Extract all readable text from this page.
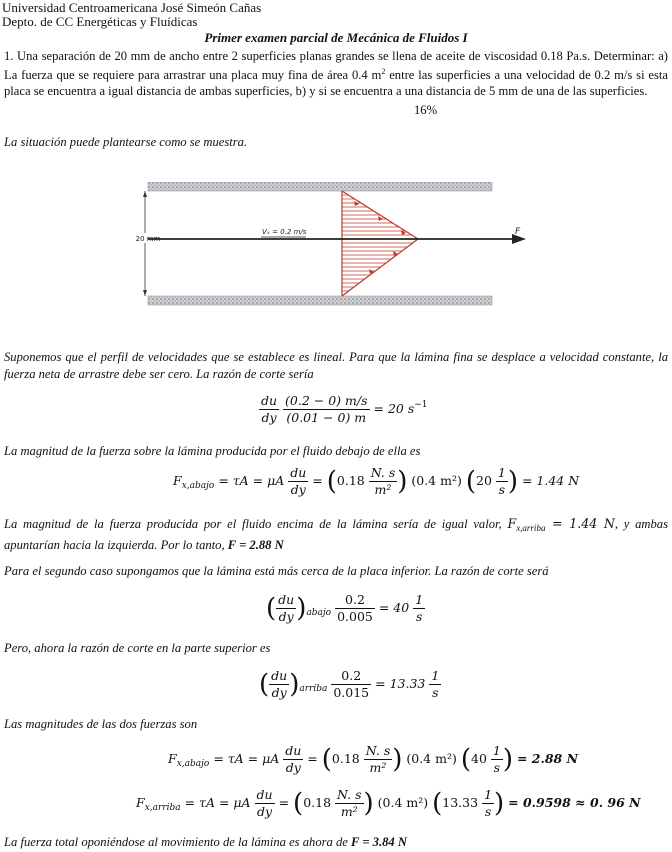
Universidad Centroamericana José Simeón Cañas
Depto. de CC Energéticas y Fluídicas
Primer examen parcial de Mecánica de Fluidos I
1. Una separación de 20 mm de ancho entre 2 superficies planas grandes se llena de aceite de viscosidad 0.18 Pa.s. Determinar: a) La fuerza que se requiere para arrastrar una placa muy fina de área 0.4 $m^2$ entre las superficies a una velocidad de 0.2 m/s si esta placa se encuentra a igual distancia de ambas superficies, b) y si se encuentra a una distancia de 5 mm de una de las superficies.
16%
La situación puede plantearse como se muestra.
20 mm
F
Vₓ = 0.2 m/s
Suponemos que el perfil de velocidades que se establece es lineal. Para que la lámina fina se desplace a velocidad constante, la fuerza neta de arrastre debe ser cero. La razón de corte sería
$\frac{du}{dy}$
$\frac{(0.2 - 0) m/s}{(0.01 - 0) m} = 20$ $s^{-1}$
La magnitud de la fuerza sobre la lámina producida por el fluido debajo de ella es
$F_{x,abajo} = \tau A = \mu A \frac{du}{dy} = (0.18 \frac{N. s}{\text{m²}}$ ) (0.4 m²) ($20 \frac{1}{s}$ ) = 1.44 N
La magnitud de la fuerza producida por el fluido encima de la lámina sería de igual valor, $F_{x,arriba} = 1.44$ N, y ambas apuntarían hacia la izquierda. Por lo tanto, F = 2.88 N
Para el segundo caso supongamos que la lámina está más cerca de la placa inferior. La razón de corte será
( $\frac{du}{dy} )_{abajo} \frac{0.2}{0.005} = 40 \frac{1}{s}$
Pero, ahora la razón de corte en la parte superior es
( $\frac{du}{dy} )_{arriba} \frac{0.2}{0.015} = 13.33 \frac{1}{s}$
Las magnitudes de las dos fuerzas son
$F_{x,abajo} = \tau A = \mu A \frac{du}{dy} = (0.18 \frac{N. s}{\text{m²}}$ ) (0.4 m²) ($40 \frac{1}{s}$ ) = 2.88 N
$F_{x,arriba} = \tau A = \mu A \frac{du}{dy} = (0.18 \frac{N. s}{\text{m²}}$ ) (0.4 m²) ($13.33 \frac{1}{s}$ ) = 0.9598 ≈ 0. 96 N
La fuerza total oponiéndose al movimiento de la lámina es ahora de F = 3.84 N
